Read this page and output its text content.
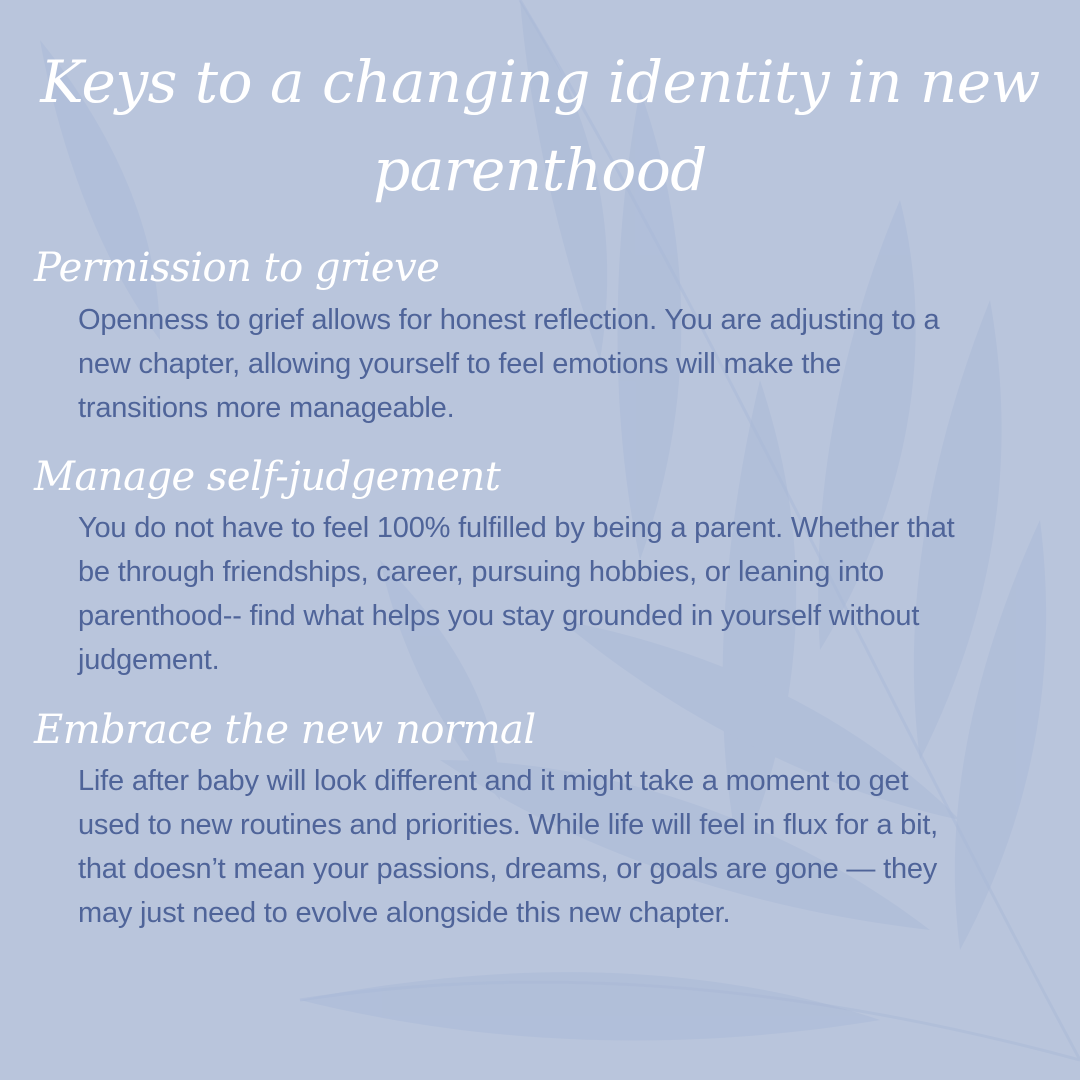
Keys to a changing identity in new parenthood
Permission to grieve

Openness to grief allows for honest reflection. You are adjusting to a new chapter, allowing yourself to feel emotions will make the transitions more manageable.

Manage self-judgement

You do not have to feel 100% fulfilled by being a parent. Whether that be through friendships, career, pursuing hobbies, or leaning into parenthood-- find what helps you stay grounded in yourself without judgement.

Embrace the new normal

Life after baby will look different and it might take a moment to get used to new routines and priorities. While life will feel in flux for a bit, that doesn’t mean your passions, dreams, or goals are gone — they may just need to evolve alongside this new chapter.
